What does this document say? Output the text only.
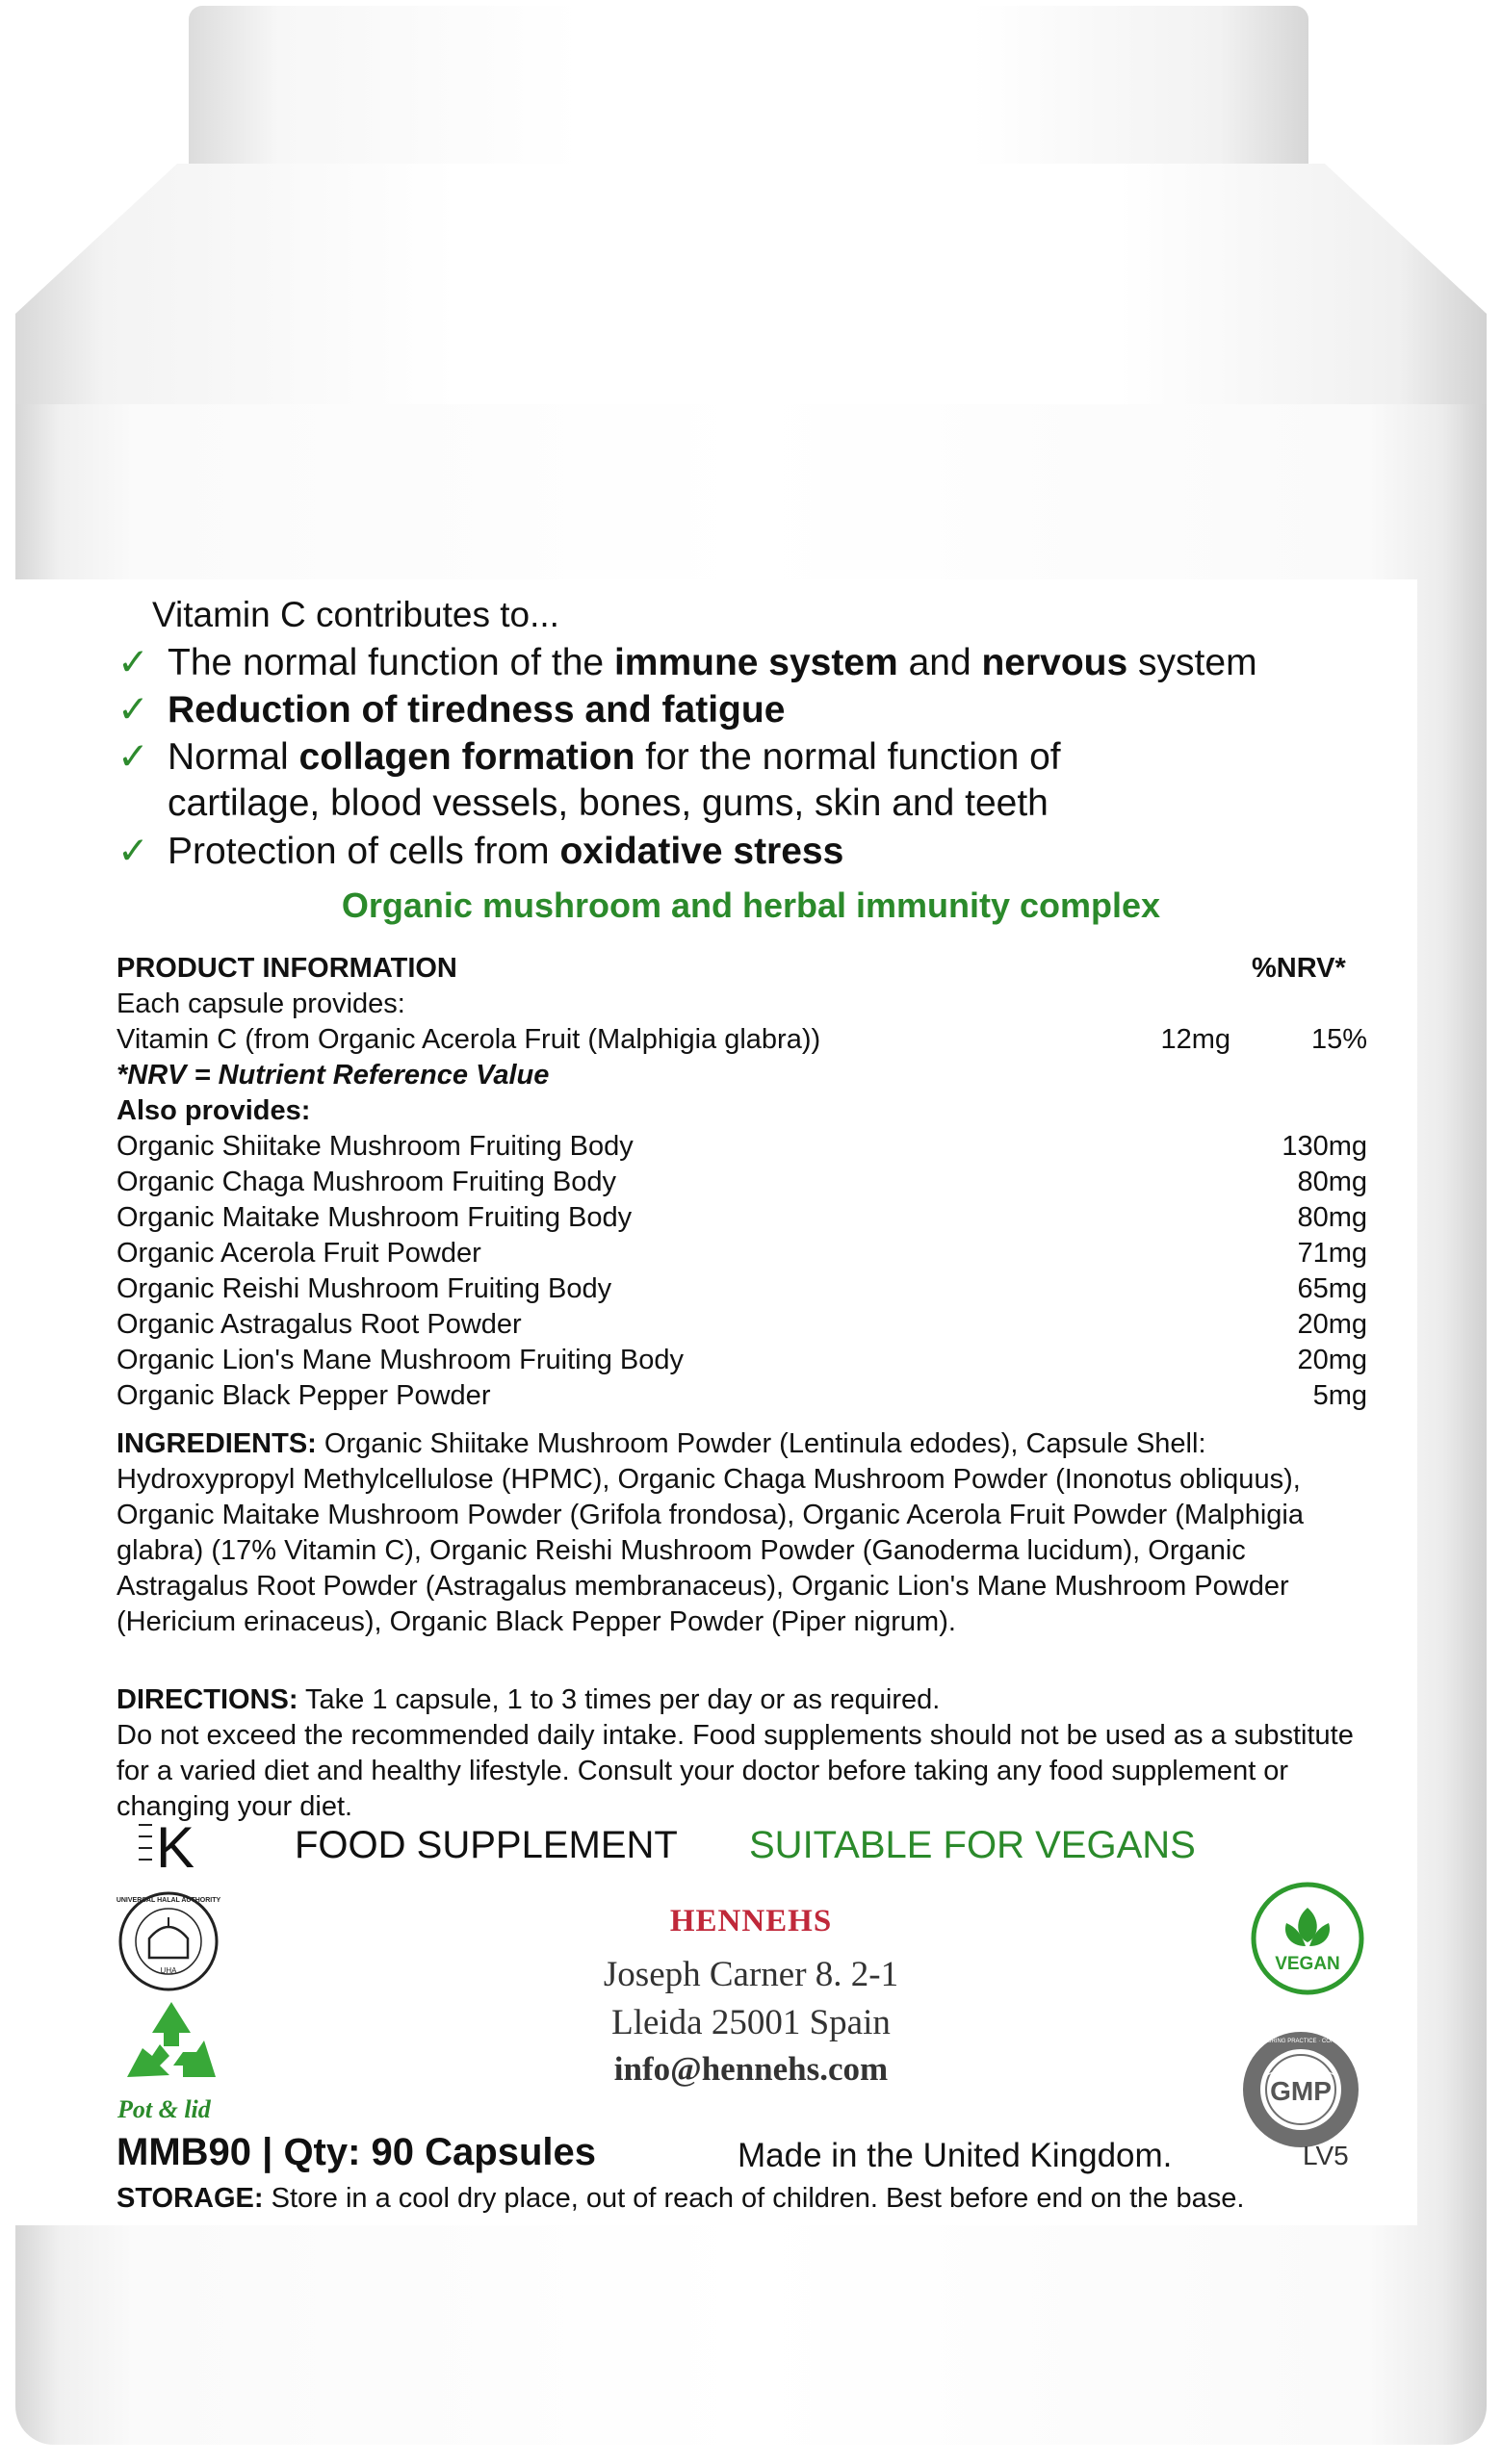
Vitamin C contributes to...
✓ The normal function of the immune system and nervous system
✓ Reduction of tiredness and fatigue
✓ Normal collagen formation for the normal function of
cartilage, blood vessels, bones, gums, skin and teeth
✓ Protection of cells from oxidative stress
Organic mushroom and herbal immunity complex
PRODUCT INFORMATION	%NRV*
Each capsule provides:
Vitamin C (from Organic Acerola Fruit (Malphigia glabra))	12mg	15%
*NRV = Nutrient Reference Value
Also provides:
Organic Shiitake Mushroom Fruiting Body	130mg
Organic Chaga Mushroom Fruiting Body	80mg
Organic Maitake Mushroom Fruiting Body	80mg
Organic Acerola Fruit Powder	71mg
Organic Reishi Mushroom Fruiting Body	65mg
Organic Astragalus Root Powder	20mg
Organic Lion's Mane Mushroom Fruiting Body	20mg
Organic Black Pepper Powder	5mg
INGREDIENTS: Organic Shiitake Mushroom Powder (Lentinula edodes), Capsule Shell: Hydroxypropyl Methylcellulose (HPMC), Organic Chaga Mushroom Powder (Inonotus obliquus), Organic Maitake Mushroom Powder (Grifola frondosa), Organic Acerola Fruit Powder (Malphigia glabra) (17% Vitamin C), Organic Reishi Mushroom Powder (Ganoderma lucidum), Organic Astragalus Root Powder (Astragalus membranaceus), Organic Lion's Mane Mushroom Powder (Hericium erinaceus), Organic Black Pepper Powder (Piper nigrum).
DIRECTIONS: Take 1 capsule, 1 to 3 times per day or as required.
Do not exceed the recommended daily intake. Food supplements should not be used as a substitute for a varied diet and healthy lifestyle. Consult your doctor before taking any food supplement or changing your diet.
FOOD SUPPLEMENT SUITABLE FOR VEGANS
K
UHA
UNIVERSAL HALAL AUTHORITY
Pot & lid
HENNEHS
Joseph Carner 8. 2-1
Lleida 25001 Spain
info@hennehs.com
VEGAN
GMP
GOOD MANUFACTURING PRACTICE · CONSISTENT QUALITY
MMB90 | Qty: 90 Capsules	Made in the United Kingdom.	LV5
STORAGE: Store in a cool dry place, out of reach of children. Best before end on the base.
